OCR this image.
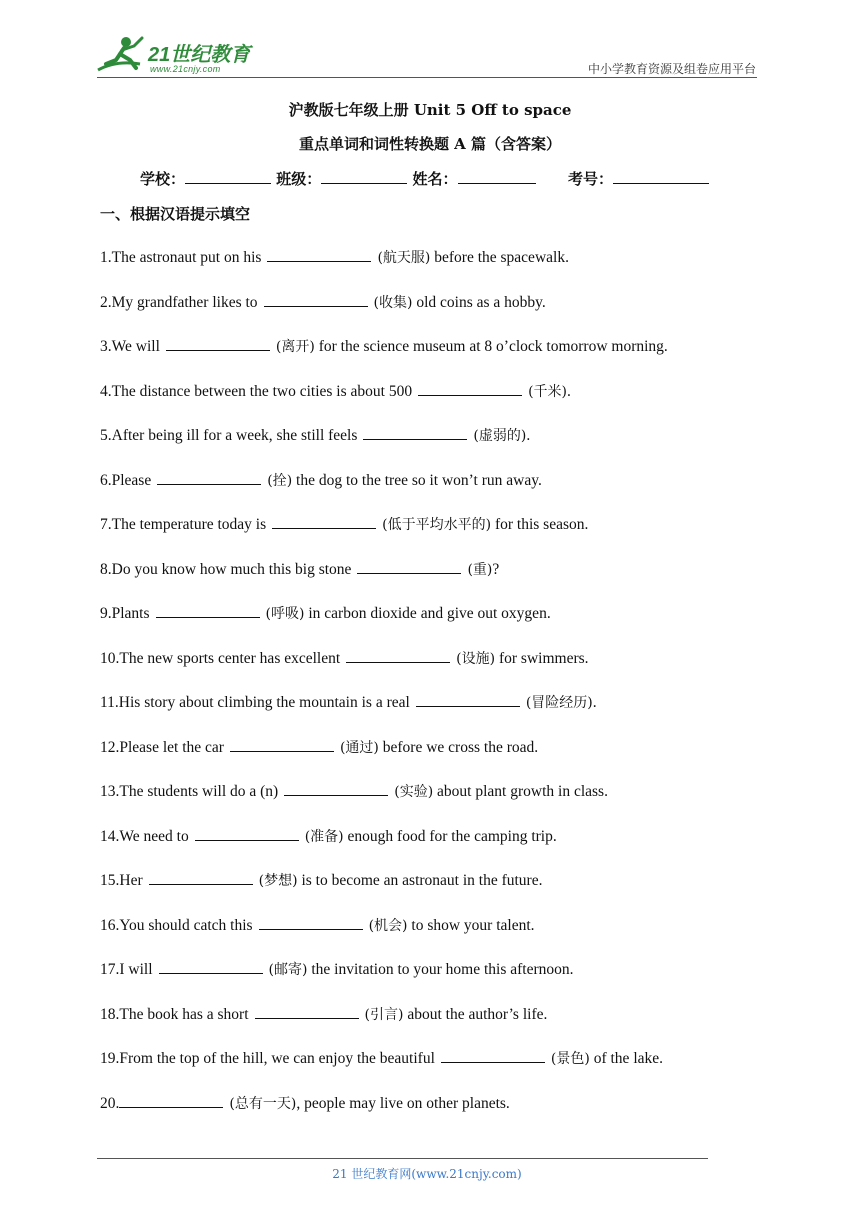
21世纪教育
www.21cnjy.com	中小学教育资源及组卷应用平台
沪教版七年级上册 Unit 5 Off to space
重点单词和词性转换题 A 篇（含答案）
学校：	班级：	姓名：	考号：
一、根据汉语提示填空
1.The astronaut put on his	(航天服) before the spacewalk.
2.My grandfather likes to	(收集) old coins as a hobby.
3.We will	(离开) for the science museum at 8 o’clock tomorrow morning.
4.The distance between the two cities is about 500	(千米).
5.After being ill for a week, she still feels	(虚弱的).
6.Please	(拴) the dog to the tree so it won’t run away.
7.The temperature today is	(低于平均水平的) for this season.
8.Do you know how much this big stone	(重)?
9.Plants	(呼吸) in carbon dioxide and give out oxygen.
10.The new sports center has excellent	(设施) for swimmers.
11.His story about climbing the mountain is a real	(冒险经历).
12.Please let the car	(通过) before we cross the road.
13.The students will do a (n)	(实验) about plant growth in class.
14.We need to	(准备) enough food for the camping trip.
15.Her	(梦想) is to become an astronaut in the future.
16.You should catch this	(机会) to show your talent.
17.I will	(邮寄) the invitation to your home this afternoon.
18.The book has a short	(引言) about the author’s life.
19.From the top of the hill, we can enjoy the beautiful	(景色) of the lake.
20.	(总有一天), people may live on other planets.
21 世纪教育网(www.21cnjy.com)
